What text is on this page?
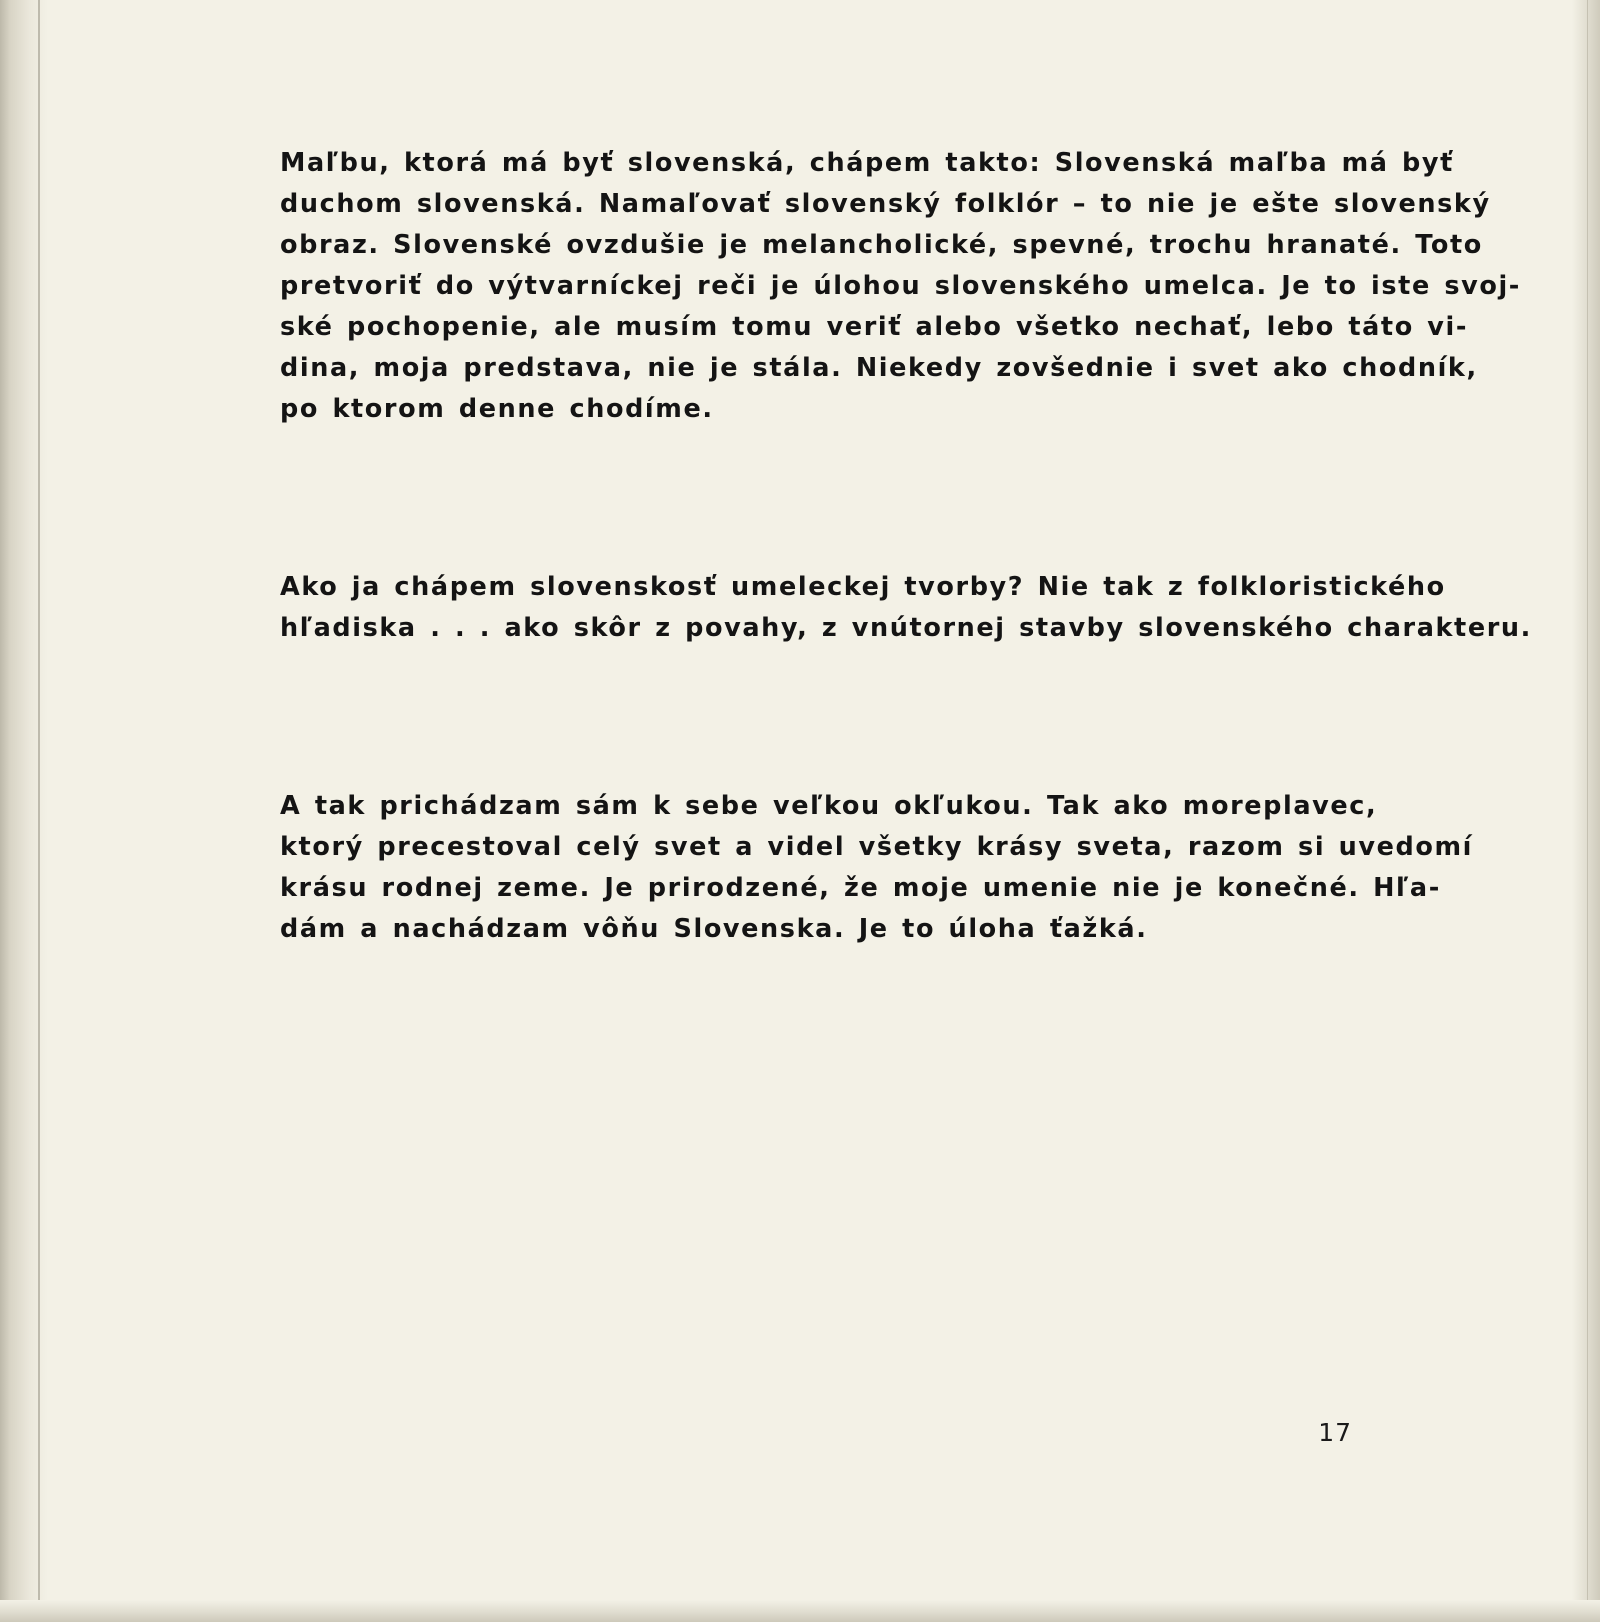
Maľbu, ktorá má byť slovenská, chápem takto: Slovenská maľba má byť
duchom slovenská. Namaľovať slovenský folklór – to nie je ešte slovenský
obraz. Slovenské ovzdušie je melancholické, spevné, trochu hranaté. Toto
pretvoriť do výtvarníckej reči je úlohou slovenského umelca. Je to iste svoj-
ské pochopenie, ale musím tomu veriť alebo všetko nechať, lebo táto vi-
dina, moja predstava, nie je stála. Niekedy zovšednie i svet ako chodník,
po ktorom denne chodíme.

Ako ja chápem slovenskosť umeleckej tvorby? Nie tak z folkloristického
hľadiska . . . ako skôr z povahy, z vnútornej stavby slovenského charakteru.

A tak prichádzam sám k sebe veľkou okľukou. Tak ako moreplavec,
ktorý precestoval celý svet a videl všetky krásy sveta, razom si uvedomí
krásu rodnej zeme. Je prirodzené, že moje umenie nie je konečné. Hľa-
dám a nachádzam vôňu Slovenska. Je to úloha ťažká.

17
